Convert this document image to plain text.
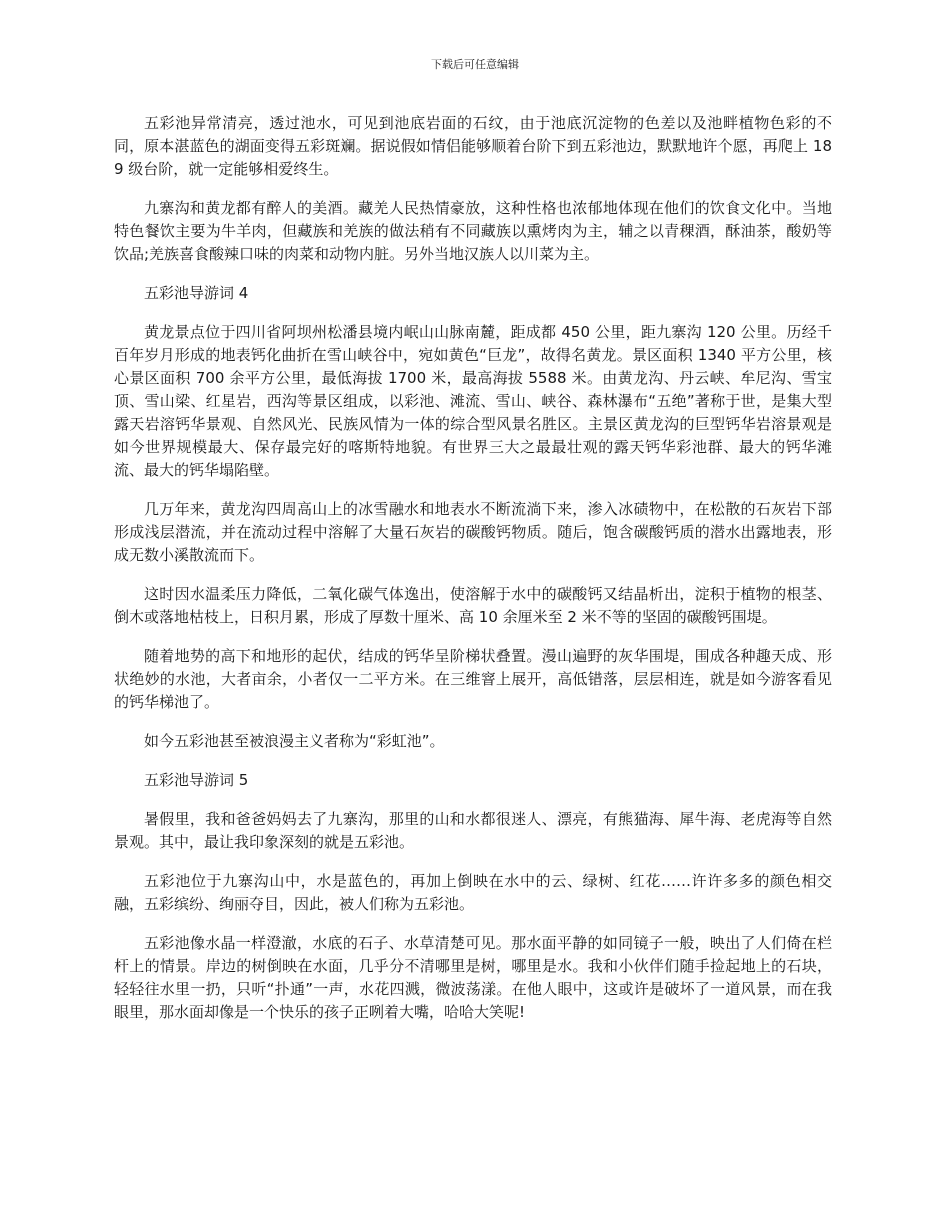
下载后可任意编辑

五彩池异常清亮，透过池水，可见到池底岩面的石纹，由于池底沉淀物的色差以及池畔植物色彩的不同，原本湛蓝色的湖面变得五彩斑斓。据说假如情侣能够顺着台阶下到五彩池边，默默地许个愿，再爬上 189 级台阶，就一定能够相爱终生。

九寨沟和黄龙都有醉人的美酒。藏羌人民热情豪放，这种性格也浓郁地体现在他们的饮食文化中。当地特色餐饮主要为牛羊肉，但藏族和羌族的做法稍有不同藏族以熏烤肉为主，辅之以青稞酒，酥油茶，酸奶等饮品;羌族喜食酸辣口味的肉菜和动物内脏。另外当地汉族人以川菜为主。

五彩池导游词 4

黄龙景点位于四川省阿坝州松潘县境内岷山山脉南麓，距成都 450 公里，距九寨沟 120 公里。历经千百年岁月形成的地表钙化曲折在雪山峡谷中，宛如黄色“巨龙”，故得名黄龙。景区面积 1340 平方公里，核心景区面积 700 余平方公里，最低海拔 1700 米，最高海拔 5588 米。由黄龙沟、丹云峡、牟尼沟、雪宝顶、雪山梁、红星岩，西沟等景区组成，以彩池、滩流、雪山、峡谷、森林瀑布“五绝”著称于世，是集大型露天岩溶钙华景观、自然风光、民族风情为一体的综合型风景名胜区。主景区黄龙沟的巨型钙华岩溶景观是如今世界规模最大、保存最完好的喀斯特地貌。有世界三大之最最壮观的露天钙华彩池群、最大的钙华滩流、最大的钙华塌陷壁。

几万年来，黄龙沟四周高山上的冰雪融水和地表水不断流淌下来，渗入冰碛物中，在松散的石灰岩下部形成浅层潜流，并在流动过程中溶解了大量石灰岩的碳酸钙物质。随后，饱含碳酸钙质的潜水出露地表，形成无数小溪散流而下。

这时因水温柔压力降低，二氧化碳气体逸出，使溶解于水中的碳酸钙又结晶析出，淀积于植物的根茎、倒木或落地枯枝上，日积月累，形成了厚数十厘米、高 10 余厘米至 2 米不等的坚固的碳酸钙围堤。

随着地势的高下和地形的起伏，结成的钙华呈阶梯状叠置。漫山遍野的灰华围堤，围成各种趣天成、形状绝妙的水池，大者亩余，小者仅一二平方米。在三维窨上展开，高低错落，层层相连，就是如今游客看见的钙华梯池了。

如今五彩池甚至被浪漫主义者称为“彩虹池”。

五彩池导游词 5

暑假里，我和爸爸妈妈去了九寨沟，那里的山和水都很迷人、漂亮，有熊猫海、犀牛海、老虎海等自然景观。其中，最让我印象深刻的就是五彩池。

五彩池位于九寨沟山中，水是蓝色的，再加上倒映在水中的云、绿树、红花……许许多多的颜色相交融，五彩缤纷、绚丽夺目，因此，被人们称为五彩池。

五彩池像水晶一样澄澈，水底的石子、水草清楚可见。那水面平静的如同镜子一般，映出了人们倚在栏杆上的情景。岸边的树倒映在水面，几乎分不清哪里是树，哪里是水。我和小伙伴们随手捡起地上的石块，轻轻往水里一扔，只听“扑通”一声，水花四溅，微波荡漾。在他人眼中，这或许是破坏了一道风景，而在我眼里，那水面却像是一个快乐的孩子正咧着大嘴，哈哈大笑呢!
